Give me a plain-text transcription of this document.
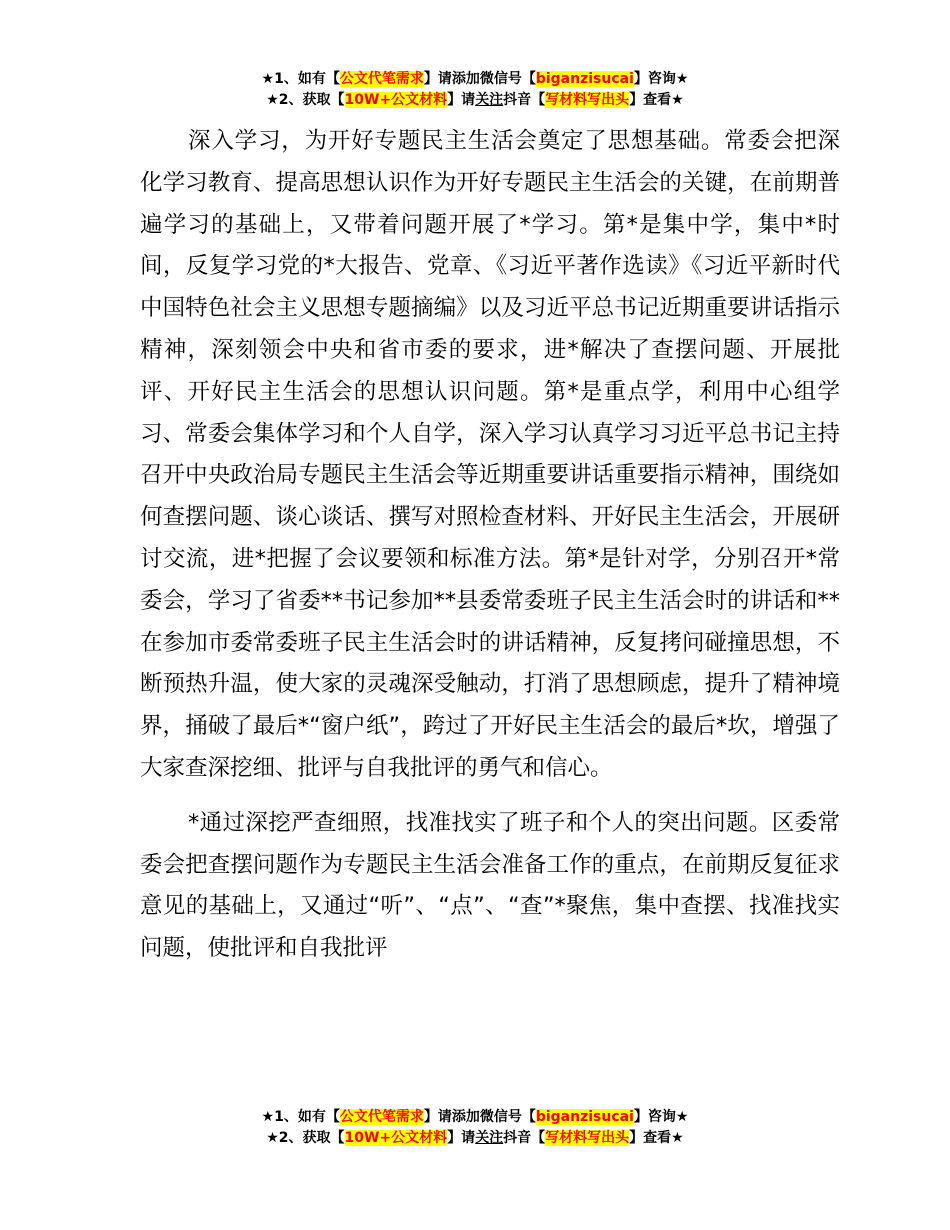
★1、如有【公文代笔需求】请添加微信号【biganzisucai】咨询★
★2、获取【10W+公文材料】请关注抖音【写材料写出头】查看★

深入学习，为开好专题民主生活会奠定了思想基础。常委会把深化学习教育、提高思想认识作为开好专题民主生活会的关键，在前期普遍学习的基础上，又带着问题开展了*学习。第*是集中学，集中*时间，反复学习党的*大报告、党章、《习近平著作选读》《习近平新时代中国特色社会主义思想专题摘编》以及习近平总书记近期重要讲话指示精神，深刻领会中央和省市委的要求，进*解决了查摆问题、开展批评、开好民主生活会的思想认识问题。第*是重点学，利用中心组学习、常委会集体学习和个人自学，深入学习认真学习习近平总书记主持召开中央政治局专题民主生活会等近期重要讲话重要指示精神，围绕如何查摆问题、谈心谈话、撰写对照检查材料、开好民主生活会，开展研讨交流，进*把握了会议要领和标准方法。第*是针对学，分别召开*常委会，学习了省委**书记参加**县委常委班子民主生活会时的讲话和**在参加市委常委班子民主生活会时的讲话精神，反复拷问碰撞思想，不断预热升温，使大家的灵魂深受触动，打消了思想顾虑，提升了精神境界，捅破了最后*“窗户纸”，跨过了开好民主生活会的最后*坎，增强了大家查深挖细、批评与自我批评的勇气和信心。

*通过深挖严查细照，找准找实了班子和个人的突出问题。区委常委会把查摆问题作为专题民主生活会准备工作的重点，在前期反复征求意见的基础上，又通过“听”、“点”、“查”*聚焦，集中查摆、找准找实问题，使批评和自我批评

★1、如有【公文代笔需求】请添加微信号【biganzisucai】咨询★
★2、获取【10W+公文材料】请关注抖音【写材料写出头】查看★
